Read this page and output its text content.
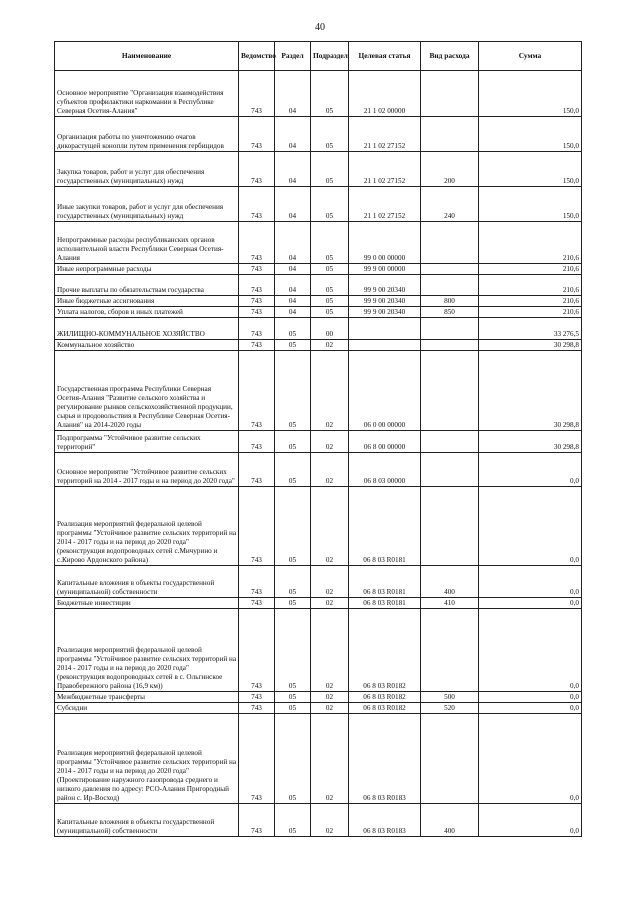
40
Наименование	Ведомство	Раздел	Подраздел	Целевая статья	Вид расхода	Сумма
Основное мероприятие "Организация взаимодействия субъектов профилактики наркомании в Республике Северная Осетия-Алания"	743	04	05	21 1 02 00000		150,0
Организация работы по уничтожению очагов дикорастущей конопли путем применения гербицидов	743	04	05	21 1 02 27152		150,0
Закупка товаров, работ и услуг для обеспечения государственных (муниципальных) нужд	743	04	05	21 1 02 27152	200	150,0
Иные закупки товаров, работ и услуг для обеспечения государственных (муниципальных) нужд	743	04	05	21 1 02 27152	240	150,0
Непрограммные расходы республиканских органов исполнительной власти Республики Северная Осетия-Алания	743	04	05	99 0 00 00000		210,6
Иные непрограммные расходы	743	04	05	99 9 00 00000		210,6
Прочие выплаты по обязательствам государства	743	04	05	99 9 00 20340		210,6
Иные бюджетные ассигнования	743	04	05	99 9 00 20340	800	210,6
Уплата налогов, сборов и иных платежей	743	04	05	99 9 00 20340	850	210,6
ЖИЛИЩНО-КОММУНАЛЬНОЕ ХОЗЯЙСТВО	743	05	00			33 276,5
Коммунальное хозяйство	743	05	02			30 298,8
Государственная программа Республики Северная Осетия-Алания "Развитие сельского хозяйства и регулирование рынков сельскохозяйственной продукции, сырья и продовольствия в Республике Северная Осетия-Алания" на 2014-2020 годы	743	05	02	06 0 00 00000		30 298,8
Подпрограмма "Устойчивое развитие сельских территорий"	743	05	02	06 8 00 00000		30 298,8
Основное мероприятие "Устойчивое развитие сельских территорий на 2014 - 2017 годы и на период до 2020 года"	743	05	02	06 8 03 00000		0,0
Реализация мероприятий федеральной целевой программы "Устойчивое развитие сельских территорий на 2014 - 2017 годы и на период до 2020 года" (реконструкция водопроводных сетей с.Мичурино и с.Кирово Ардонского района)	743	05	02	06 8 03 R0181		0,0
Капитальные вложения в объекты государственной (муниципальной) собственности	743	05	02	06 8 03 R0181	400	0,0
Бюджетные инвестиции	743	05	02	06 8 03 R0181	410	0,0
Реализация мероприятий федеральной целевой программы "Устойчивое развитие сельских территорий на 2014 - 2017 годы и на период до 2020 года" (реконструкция водопроводных сетей в с. Ольгинское Правобережного района (16,9 км))	743	05	02	06 8 03 R0182		0,0
Межбюджетные трансферты	743	05	02	06 8 03 R0182	500	0,0
Субсидии	743	05	02	06 8 03 R0182	520	0,0
Реализация мероприятий федеральной целевой программы "Устойчивое развитие сельских территорий на 2014 - 2017 годы и на период до 2020 года" (Проектирование наружного газопровода среднего и низкого давления по адресу: РСО-Алания Пригородный район с. Ир-Восход)	743	05	02	06 8 03 R0183		0,0
Капитальные вложения в объекты государственной (муниципальной) собственности	743	05	02	06 8 03 R0183	400	0,0
